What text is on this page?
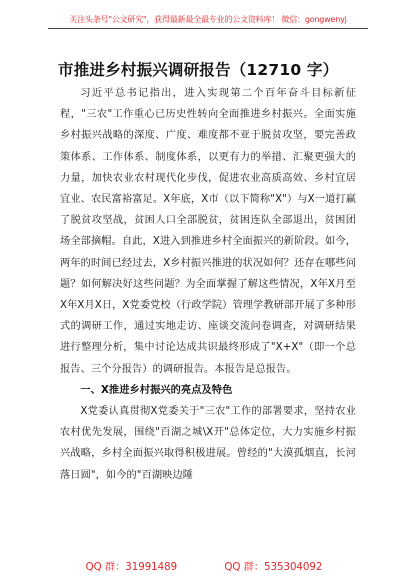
关注头条号"公文研究"，获得最新最全最专业的公文资料库！ 微信：gongwenyj
市推进乡村振兴调研报告（12710 字）

习近平总书记指出，进入实现第二个百年奋斗目标新征程，"三农"工作重心已历史性转向全面推进乡村振兴。全面实施乡村振兴战略的深度、广度、难度都不亚于脱贫攻坚，要完善政策体系、工作体系、制度体系，以更有力的举措、汇聚更强大的力量，加快农业农村现代化步伐，促进农业高质高效、乡村宜居宜业、农民富裕富足。X年底，X市（以下简称"X"）与X一道打赢了脱贫攻坚战，贫困人口全部脱贫，贫困连队全部退出，贫困团场全部摘帽。自此，X进入到推进乡村全面振兴的新阶段。如今，两年的时间已经过去，X乡村振兴推进的状况如何？还存在哪些问题？如何解决好这些问题？为全面掌握了解这些情况，X年X月至X年X月X日，X党委党校（行政学院）管理学教研部开展了多种形式的调研工作，通过实地走访、座谈交流问卷调查，对调研结果进行整理分析，集中讨论达成共识最终形成了"X+X"（即一个总报告、三个分报告）的调研报告。本报告是总报告。

一、X推进乡村振兴的亮点及特色

X党委认真贯彻X党委关于"三农"工作的部署要求，坚持农业农村优先发展，围绕"百湖之城\X开"总体定位，大力实施乡村振兴战略，乡村全面振兴取得积极进展。曾经的"大漠孤烟直，长河落日圆"，如今的"百湖映边陲

QQ 群：31991489	QQ 群：535304092
